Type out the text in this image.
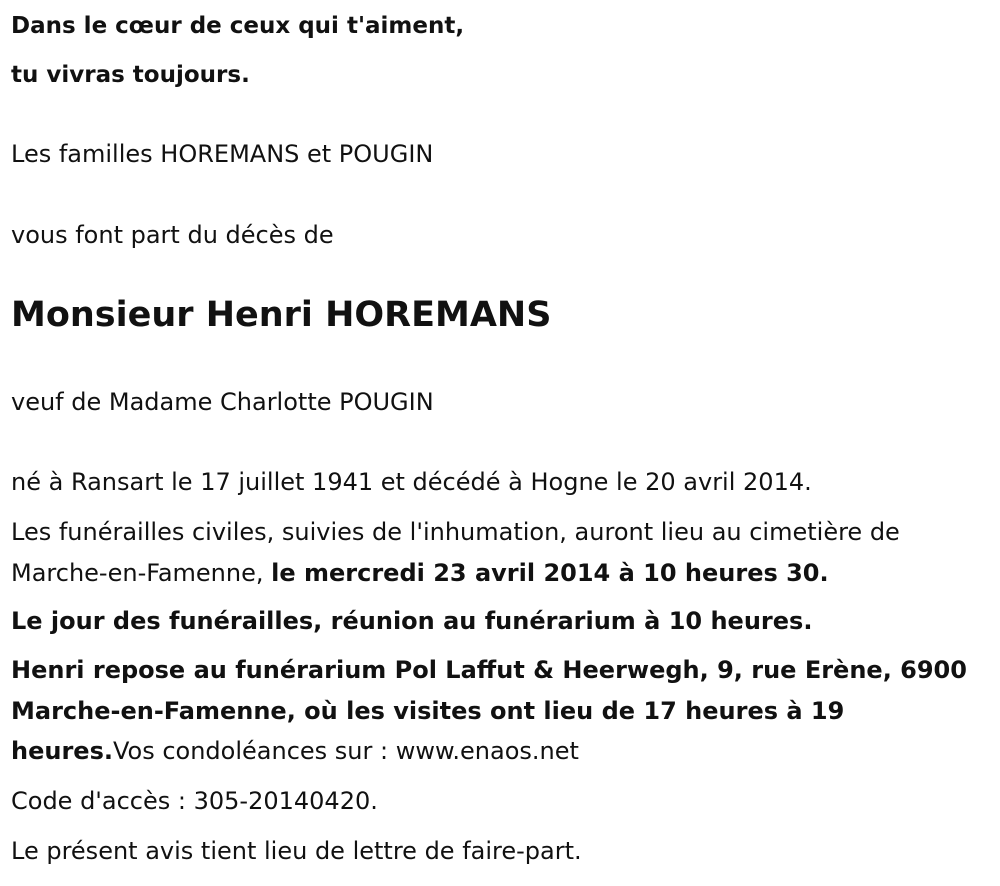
Dans le cœur de ceux qui t'aiment,
tu vivras toujours.
Les familles HOREMANS et POUGIN
vous font part du décès de
Monsieur Henri HOREMANS
veuf de Madame Charlotte POUGIN
né à Ransart le 17 juillet 1941 et décédé à Hogne le 20 avril 2014.
Les funérailles civiles, suivies de l'inhumation, auront lieu au cimetière de
Marche-en-Famenne, le mercredi 23 avril 2014 à 10 heures 30.
Le jour des funérailles, réunion au funérarium à 10 heures.
Henri repose au funérarium Pol Laffut & Heerwegh, 9, rue Erène, 6900
Marche-en-Famenne, où les visites ont lieu de 17 heures à 19
heures.Vos condoléances sur : www.enaos.net
Code d'accès : 305-20140420.
Le présent avis tient lieu de lettre de faire-part.
